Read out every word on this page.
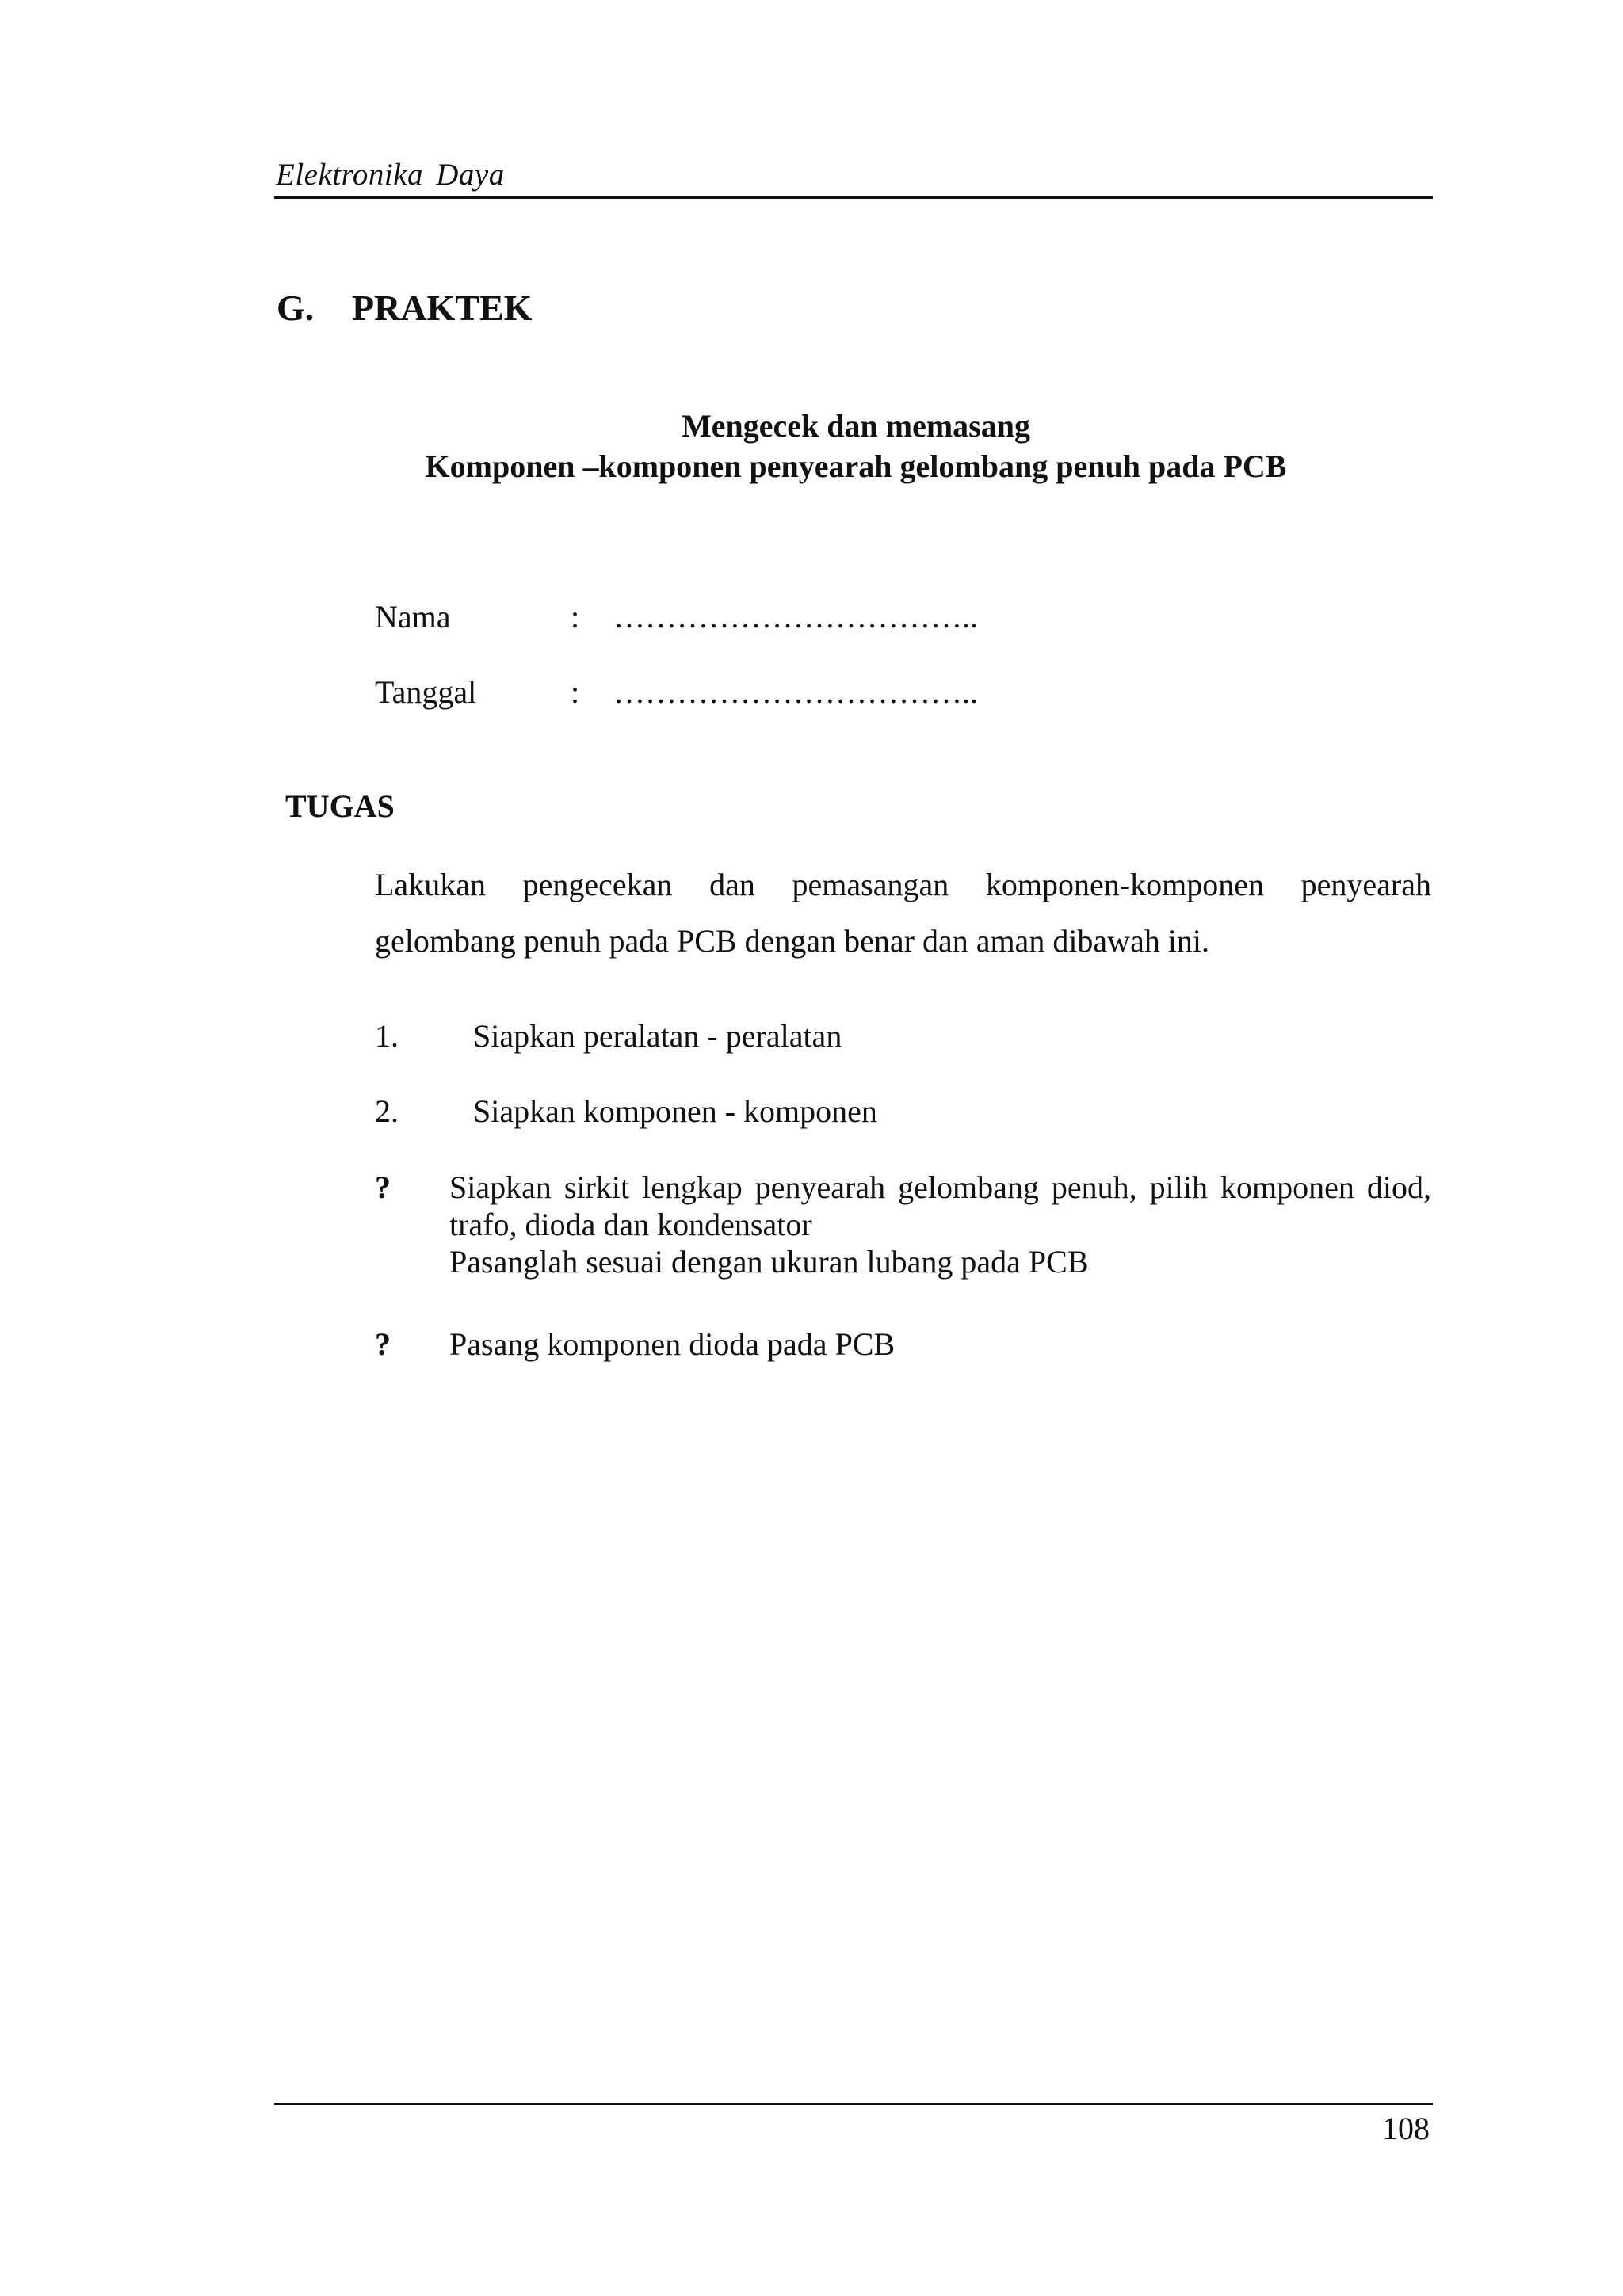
Elektronika Daya
G. PRAKTEK
Mengecek dan memasang
Komponen –komponen penyearah gelombang penuh pada PCB
Nama	: ……………………………..
Tanggal	: ……………………………..
TUGAS
Lakukan pengecekan dan pemasangan komponen-komponen penyearah
gelombang penuh pada PCB dengan benar dan aman dibawah ini.
1. Siapkan peralatan - peralatan
2. Siapkan komponen - komponen
? Siapkan sirkit lengkap penyearah gelombang penuh, pilih komponen diod,
trafo, dioda dan kondensator
Pasanglah sesuai dengan ukuran lubang pada PCB
? Pasang komponen dioda pada PCB
108
